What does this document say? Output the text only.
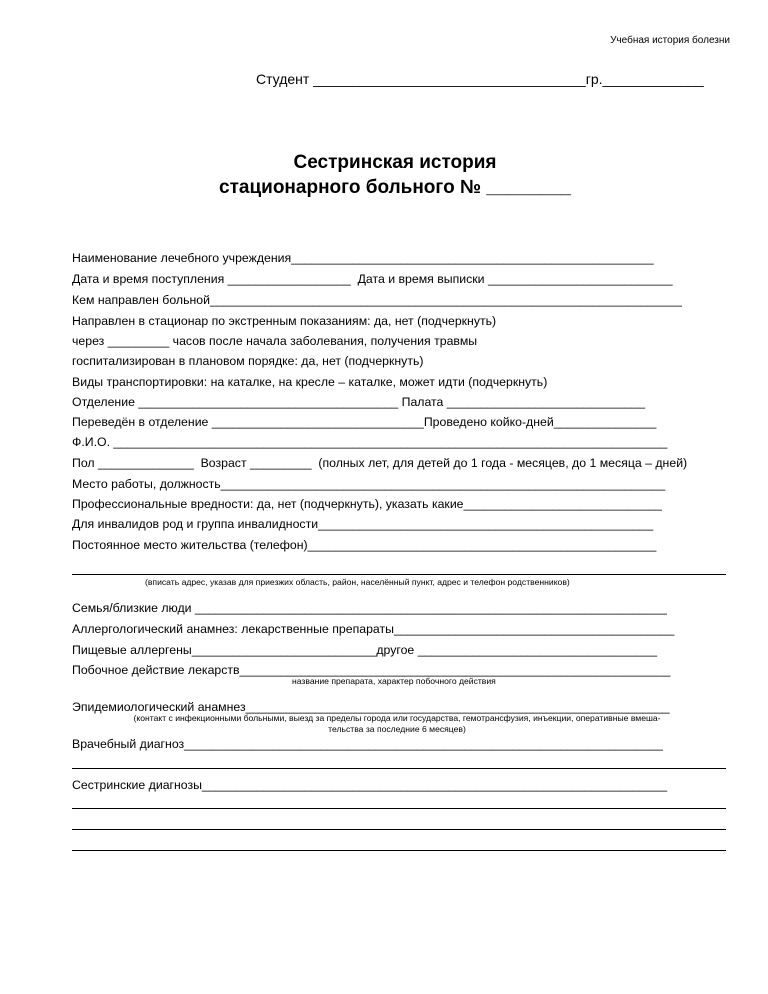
Учебная история болезни
Студент ___________________________________гр._____________
Сестринская история
стационарного больного № ________
Наименование лечебного учреждения_____________________________________________________
Дата и время поступления __________________  Дата и время выписки ___________________________
Кем направлен больной_____________________________________________________________________
Направлен в стационар по экстренным показаниям: да, нет (подчеркнуть)
через _________ часов после начала заболевания, получения травмы
госпитализирован в плановом порядке: да, нет (подчеркнуть)
Виды транспортировки: на каталке, на кресле – каталке, может идти (подчеркнуть)
Отделение ______________________________________ Палата _____________________________
Переведён в отделение _______________________________Проведено койко-дней_______________
Ф.И.О. _________________________________________________________________________________
Пол ______________  Возраст _________  (полных лет, для детей до 1 года - месяцев, до 1 месяца – дней)
Место работы, должность_________________________________________________________________
Профессиональные вредности: да, нет (подчеркнуть), указать какие_____________________________
Для инвалидов род и группа инвалидности_________________________________________________
Постоянное место жительства (телефон)___________________________________________________
(вписать адрес, указав для приезжих область, район, населённый пункт, адрес и телефон родственников)
Семья/близкие люди _____________________________________________________________________
Аллергологический анамнез: лекарственные препараты_________________________________________
Пищевые аллергены___________________________другое ___________________________________
Побочное действие лекарств_______________________________________________________________
название препарата, характер побочного действия
Эпидемиологический анамнез______________________________________________________________
(контакт с инфекционными больными, выезд за пределы города или государства, гемотрансфузия, инъекции, оперативные вмеша-
тельства за последние 6 месяцев)
Врачебный диагноз______________________________________________________________________
Сестринские диагнозы____________________________________________________________________
